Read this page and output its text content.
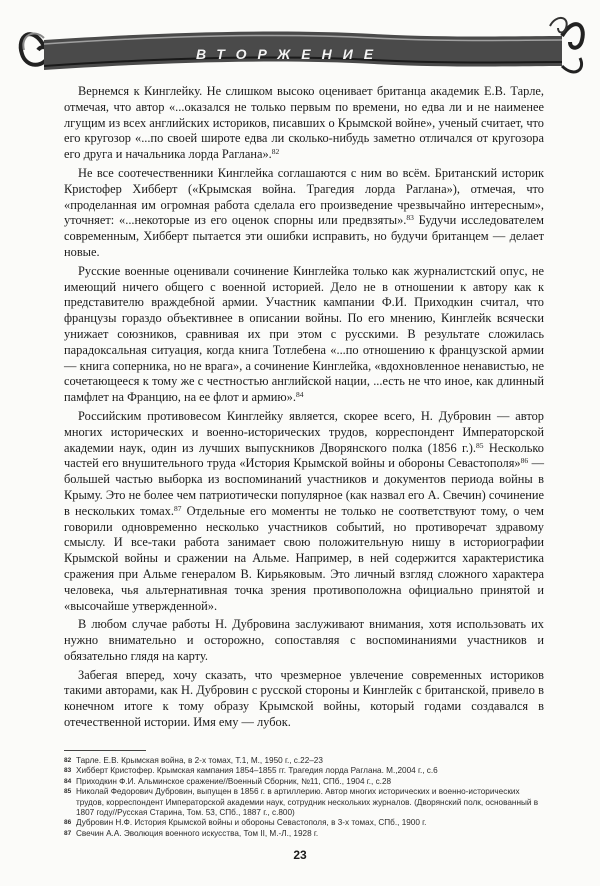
ВТОРЖЕНИЕ

Вернемся к Кинглейку. Не слишком высоко оценивает британца академик Е.В. Тарле, отмечая, что автор «...оказался не только первым по времени, но едва ли и не наименее лгущим из всех английских историков, писавших о Крымской войне», ученый считает, что его кругозор «...по своей широте едва ли сколько-нибудь заметно отличался от кругозора его друга и начальника лорда Раглана».$^{82}$

Не все соотечественники Кинглейка соглашаются с ним во всём. Британский историк Кристофер Хибберт («Крымская война. Трагедия лорда Раглана»), отмечая, что «проделанная им огромная работа сделала его произведение чрезвычайно интересным», уточняет: «...некоторые из его оценок спорны или предвзяты».$^{83}$ Будучи исследователем современным, Хибберт пытается эти ошибки исправить, но будучи британцем — делает новые.

Русские военные оценивали сочинение Кинглейка только как журналистский опус, не имеющий ничего общего с военной историей. Дело не в отношении к автору как к представителю враждебной армии. Участник кампании Ф.И. Приходкин считал, что французы гораздо объективнее в описании войны. По его мнению, Кинглейк всячески унижает союзников, сравнивая их при этом с русскими. В результате сложилась парадоксальная ситуация, когда книга Тотлебена «...по отношению к французской армии — книга соперника, но не врага», а сочинение Кинглейка, «вдохновленное ненавистью, не сочетающееся к тому же с честностью английской нации, ...есть не что иное, как длинный памфлет на Францию, на ее флот и армию».$^{84}$

Российским противовесом Кинглейку является, скорее всего, Н. Дубровин — автор многих исторических и военно-исторических трудов, корреспондент Императорской академии наук, один из лучших выпускников Дворянского полка (1856 г.).$^{85}$ Несколько частей его внушительного труда «История Крымской войны и обороны Севастополя»$^{86}$ — большей частью выборка из воспоминаний участников и документов периода войны в Крыму. Это не более чем патриотически популярное (как назвал его А. Свечин) сочинение в нескольких томах.$^{87}$ Отдельные его моменты не только не соответствуют тому, о чем говорили одновременно несколько участников событий, но противоречат здравому смыслу. И все-таки работа занимает свою положительную нишу в историографии Крымской войны и сражении на Альме. Например, в ней содержится характеристика сражения при Альме генералом В. Кирьяковым. Это личный взгляд сложного характера человека, чья альтернативная точка зрения противоположна официально принятой и «высочайше утвержденной».

В любом случае работы Н. Дубровина заслуживают внимания, хотя использовать их нужно внимательно и осторожно, сопоставляя с воспоминаниями участников и обязательно глядя на карту.

Забегая вперед, хочу сказать, что чрезмерное увлечение современных историков такими авторами, как Н. Дубровин с русской стороны и Кинглейк с британской, привело в конечном итоге к тому образу Крымской войны, который годами создавался в отечественной истории. Имя ему — лубок.

82 Тарле. Е.В. Крымская война, в 2-х томах, Т.1, М., 1950 г., с.22–23
83 Хибберт Кристофер. Крымская кампания 1854–1855 гг. Трагедия лорда Раглана. М.,2004 г., с.6
84 Приходкин Ф.И. Альминское сражение//Военный Сборник, №11, СПб., 1904 г., с.28
85 Николай Федорович Дубровин, выпущен в 1856 г. в артиллерию. Автор многих исторических и военно-исторических трудов, корреспондент Императорской академии наук, сотрудник нескольких журналов. (Дворянский полк, основанный в 1807 году//Русская Старина, Том. 53, СПб., 1887 г., с.800)
86 Дубровин Н.Ф. История Крымской войны и обороны Севастополя, в 3-х томах, СПб., 1900 г.
87 Свечин А.А. Эволюция военного искусства, Том II, М.-Л., 1928 г.
23
